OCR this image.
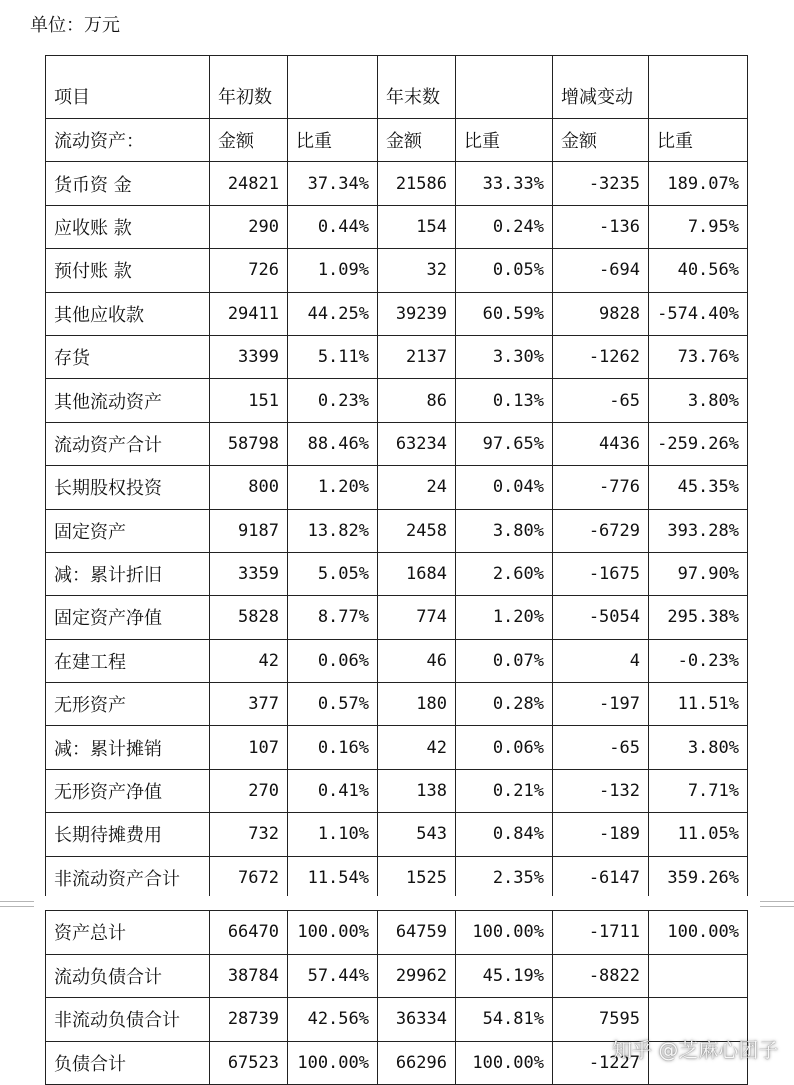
单位：万元
项目	年初数		年末数		增减变动	
流动资产：	金额	比重	金额	比重	金额	比重
货币资 金	24821	37.34%	21586	33.33%	-3235	189.07%
应收账 款	290	0.44%	154	0.24%	-136	7.95%
预付账 款	726	1.09%	32	0.05%	-694	40.56%
其他应收款	29411	44.25%	39239	60.59%	9828	-574.40%
存货	3399	5.11%	2137	3.30%	-1262	73.76%
其他流动资产	151	0.23%	86	0.13%	-65	3.80%
流动资产合计	58798	88.46%	63234	97.65%	4436	-259.26%
长期股权投资	800	1.20%	24	0.04%	-776	45.35%
固定资产	9187	13.82%	2458	3.80%	-6729	393.28%
减：累计折旧	3359	5.05%	1684	2.60%	-1675	97.90%
固定资产净值	5828	8.77%	774	1.20%	-5054	295.38%
在建工程	42	0.06%	46	0.07%	4	-0.23%
无形资产	377	0.57%	180	0.28%	-197	11.51%
减：累计摊销	107	0.16%	42	0.06%	-65	3.80%
无形资产净值	270	0.41%	138	0.21%	-132	7.71%
长期待摊费用	732	1.10%	543	0.84%	-189	11.05%
非流动资产合计	7672	11.54%	1525	2.35%	-6147	359.26%
资产总计	66470	100.00%	64759	100.00%	-1711	100.00%
流动负债合计	38784	57.44%	29962	45.19%	-8822	
非流动负债合计	28739	42.56%	36334	54.81%	7595	
负债合计	67523	100.00%	66296	100.00%	-1227	
知乎 @芝麻心团子
